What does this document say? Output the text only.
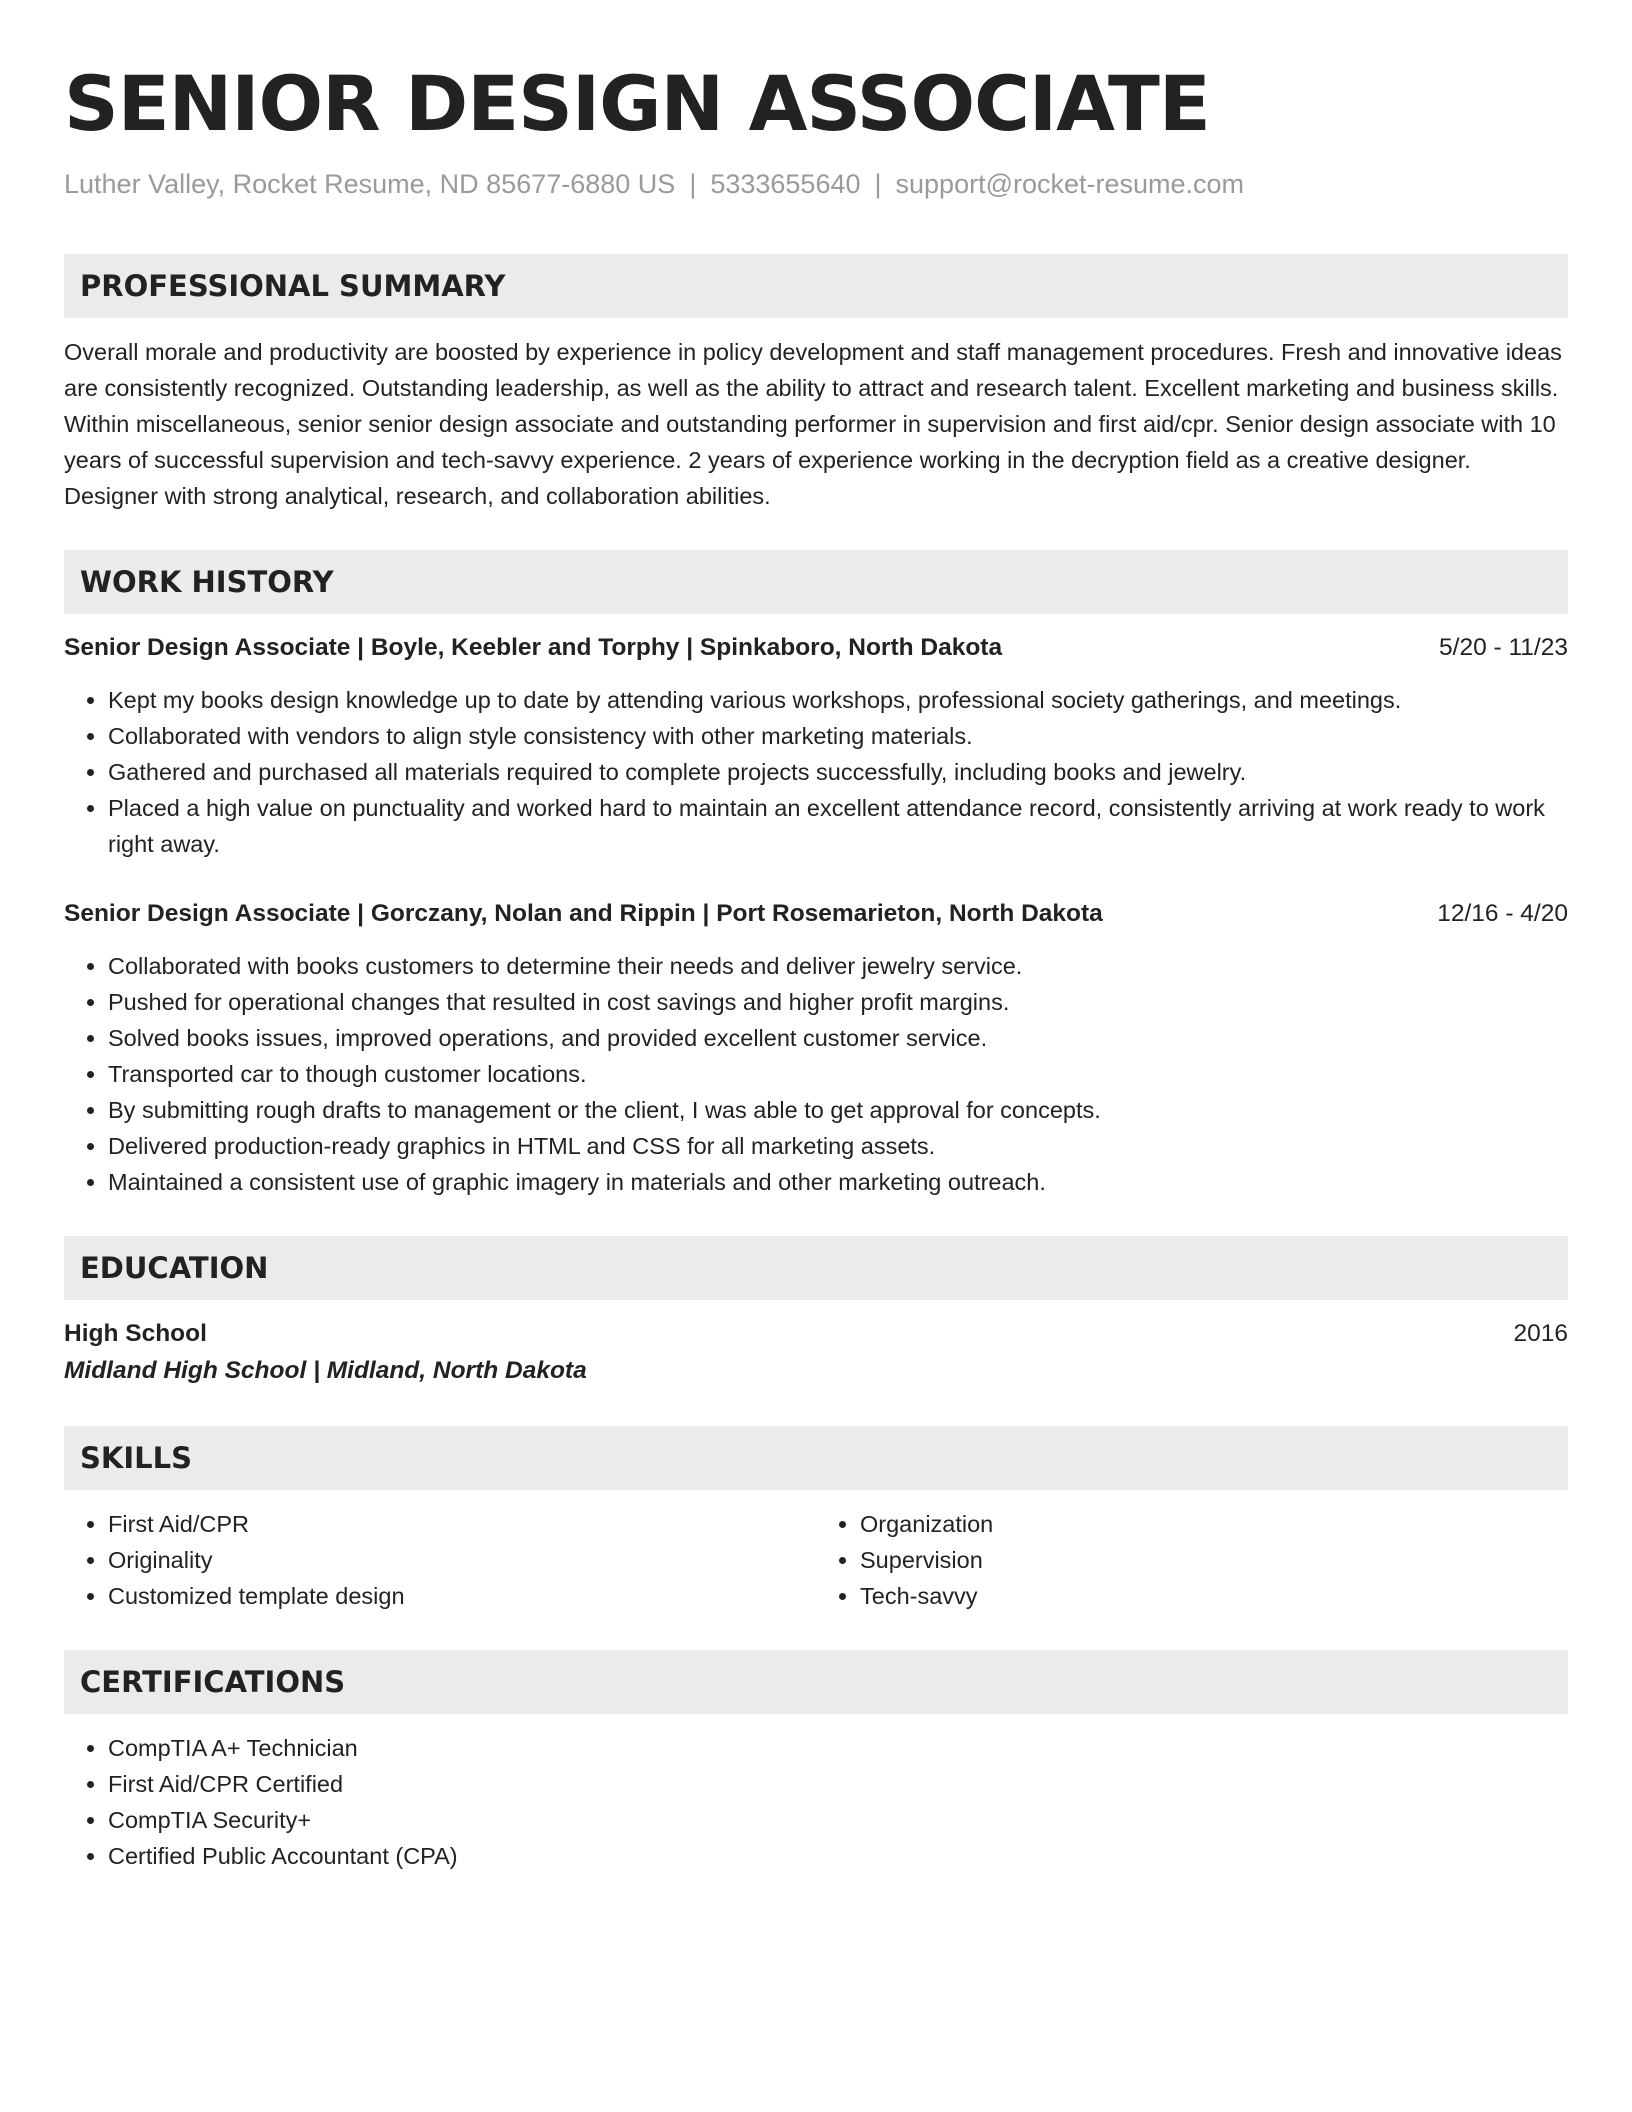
SENIOR DESIGN ASSOCIATE
Luther Valley, Rocket Resume, ND 85677-6880 US | 5333655640 | support@rocket-resume.com
PROFESSIONAL SUMMARY
Overall morale and productivity are boosted by experience in policy development and staff management procedures. Fresh and innovative ideas are consistently recognized. Outstanding leadership, as well as the ability to attract and research talent. Excellent marketing and business skills. Within miscellaneous, senior senior design associate and outstanding performer in supervision and first aid/cpr. Senior design associate with 10 years of successful supervision and tech-savvy experience. 2 years of experience working in the decryption field as a creative designer. Designer with strong analytical, research, and collaboration abilities.
WORK HISTORY
Senior Design Associate | Boyle, Keebler and Torphy | Spinkaboro, North Dakota	5/20 - 11/23
• Kept my books design knowledge up to date by attending various workshops, professional society gatherings, and meetings.
• Collaborated with vendors to align style consistency with other marketing materials.
• Gathered and purchased all materials required to complete projects successfully, including books and jewelry.
• Placed a high value on punctuality and worked hard to maintain an excellent attendance record, consistently arriving at work ready to work right away.
Senior Design Associate | Gorczany, Nolan and Rippin | Port Rosemarieton, North Dakota	12/16 - 4/20
• Collaborated with books customers to determine their needs and deliver jewelry service.
• Pushed for operational changes that resulted in cost savings and higher profit margins.
• Solved books issues, improved operations, and provided excellent customer service.
• Transported car to though customer locations.
• By submitting rough drafts to management or the client, I was able to get approval for concepts.
• Delivered production-ready graphics in HTML and CSS for all marketing assets.
• Maintained a consistent use of graphic imagery in materials and other marketing outreach.
EDUCATION
High School	2016
Midland High School | Midland, North Dakota
SKILLS
• First Aid/CPR
• Originality
• Customized template design
• Organization
• Supervision
• Tech-savvy
CERTIFICATIONS
• CompTIA A+ Technician
• First Aid/CPR Certified
• CompTIA Security+
• Certified Public Accountant (CPA)
